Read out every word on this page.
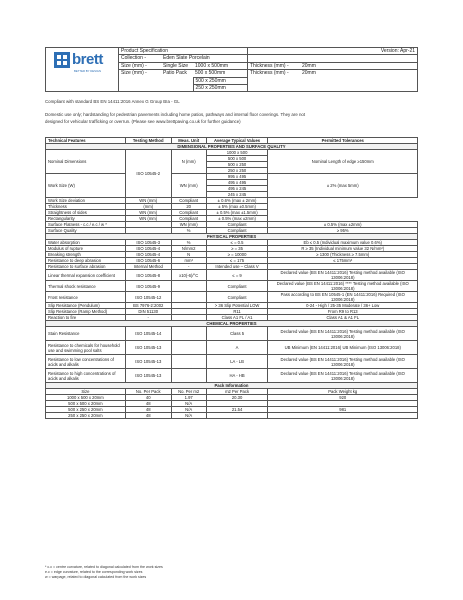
	Product Specification			Version: Apr-21	
	Collection -	Eden Slate Porcelain			
	Size (mm) -	Single Size	1000 x 500mm	Thickness (mm) -	20mm
	Size (mm) -	Patio Pack	500 x 500mm	Thickness (mm) -	20mm
			500 x 250mm		
			250 x 250mm		
brett
BETTER BY DESIGN
Compliant with standard BS EN 14411:2016 Annex G Group BIa - GL
Domestic use only; hardstanding for pedestrian pavements including home patios, pathways and internal floor coverings. They are not
designed for vehicular trafficking or overrun. (Please see www.brettpaving.co.uk for further guidance)
Technical Features	Testing Method	Meas. Unit	Average Typical Values	Permitted Tolerances
DIMENSIONAL PROPERTIES AND SURFACE QUALITY				
Nominal Dimensions	ISO 10545-2	N (mm)	1000 x 500	Nominal Length of edge ≥150mm
			500 x 500	
			500 x 250	
			250 x 250	
Work Size (W)		WN (mm)	995 x 495	± 2% (max 5mm)
			495 x 495	
			495 x 245	
			245 x 245	
Work Size deviation	WN (mm)	Compliant	± 0.6% (max ± 2mm)	
Thickness	(mm)	20	± 5% (max ±0.5mm)	
Straightness of sides	WN (mm)	Compliant	± 0.5% (max ±1.5mm)	
Rectangularity	WN (mm)	Compliant	± 0.5% (max ±2mm)	
Surface Flatness - c.c / e.c / w *		WN (mm)	Compliant	± 0.5% (max ±2mm)
Surface Quality		%	Compliant	≥ 95%
PHYSICAL PROPERTIES				
Water absorption	ISO 10545-3	%	≤ = 0.5	Eb ≤ 0.5 (Individual maximum value 0.6%)
Modulus of rupture	ISO 10545-4	N/mm2	≥ = 35	R ≥ 35 (Individual minimum value 32 N/mm²)
Breaking strength	ISO 10545-4	N	≥ = 10000	≥ 1300 (Thickness ≥ 7.5mm)
Resistance to deep abrasion	ISO 10545-6	mm³	≤ = 175	≤ 175mm³
Resistance to surface abrasion	Internal Method	-	Intended use – Class V	
Linear thermal expansion coefficient	ISO 10545-8	x10(-6)/°C	≤ = 9	Declared value (BS EN 14411:2016) Testing method available (ISO 13006:2018)
Thermal shock resistance	ISO 10545-9		Compliant	Declared value (BS EN 14411:2016) **** Testing method available (ISO 13006:2018)
Frost resistance	ISO 10545-12		Compliant	Pass according to BS EN 10545-1 (EN 14411:2016) Required (ISO 13006:2018)
Slip Resistance (Pendulum)	BS 7976-2:2002		> 36 Slip Potential LOW	0-24 - High / 25-35 Moderate / 36+ Low
Slip Resistance (Ramp Method)	DIN 51130		R11	From R9 to R13
Reaction to fire	-		Class A1 FL / A1	Class A1 & A1 FL
CHEMICAL PROPERTIES				
Stain Resistance	ISO 10545-14		Class 5	Declared value (BS EN 14411:2016) Testing method available (ISO 13006:2018)
Resistance to chemicals for household use and swimming pool salts	ISO 10545-13		A	UB Minimum (EN 14411:2016) UB Minimum (ISO 13006:2018)
Resistance to low concentrations of acids and alkalis	ISO 10545-13		LA - LB	Declared value (BS EN 14411:2016) Testing method available (ISO 13006:2018)
Resistance to high concentrations of acids and alkalis	ISO 10545-13		HA - HB	Declared value (BS EN 14411:2016) Testing method available (ISO 13006:2018)
Pack Information				
Size	No. Per Pack	No. Per m2	m2 Per Pack	Pack Weight kg
1000 x 500 x 20mm	40	1.97	20.30	920
500 x 500 x 20mm	48	N/A		
500 x 250 x 20mm	48	N/A	21.54	981
250 x 250 x 20mm	48	N/A		
* c.c = centre curvature, related to diagonal calculated from the work sizes
e.c = edge curvature, related to the corresponding work sizes
w = warpage, related to diagonal calculated from the work sizes
